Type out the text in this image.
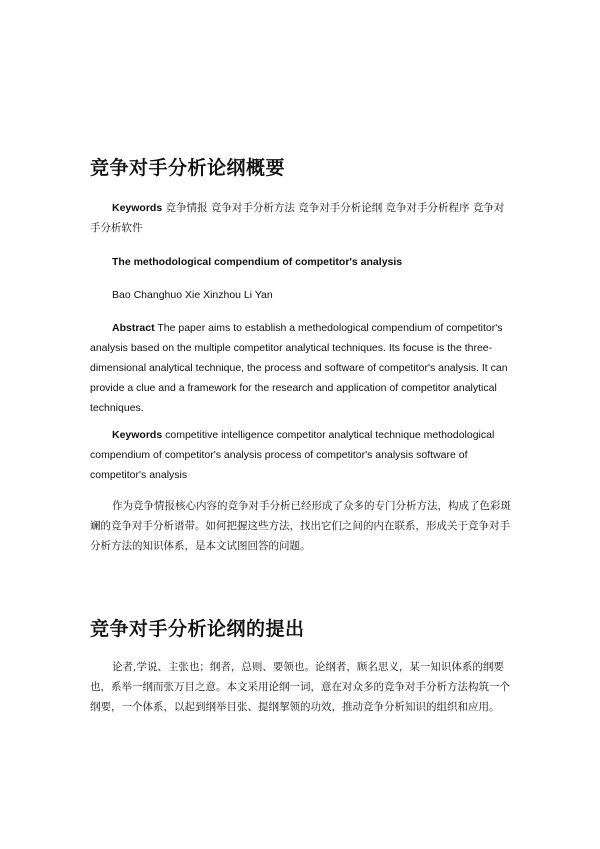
竞争对手分析论纲概要

Keywords 竞争情报 竞争对手分析方法 竞争对手分析论纲 竞争对手分析程序 竞争对手分析软件

The methodological compendium of competitor's analysis

Bao Changhuo Xie Xinzhou Li Yan

Abstract The paper aims to establish a methedological compendium of competitor's analysis based on the multiple competitor analytical techniques. Its focuse is the three-dimensional analytical technique, the process and software of competitor's analysis. It can provide a clue and a framework for the research and application of competitor analytical techniques.

Keywords competitive intelligence competitor analytical technique methodological compendium of competitor's analysis process of competitor's analysis software of competitor's analysis

作为竞争情报核心内容的竞争对手分析已经形成了众多的专门分析方法，构成了色彩斑斓的竞争对手分析谱带。如何把握这些方法，找出它们之间的内在联系，形成关于竞争对手分析方法的知识体系，是本文试图回答的问题。

竞争对手分析论纲的提出

论者,学说、主张也；纲者，总则、要领也。论纲者，顾名思义，某一知识体系的纲要也，系举一纲而张万目之意。本文采用论纲一词，意在对众多的竞争对手分析方法构筑一个纲要，一个体系，以起到纲举目张、提纲挈领的功效，推动竞争分析知识的组织和应用。
